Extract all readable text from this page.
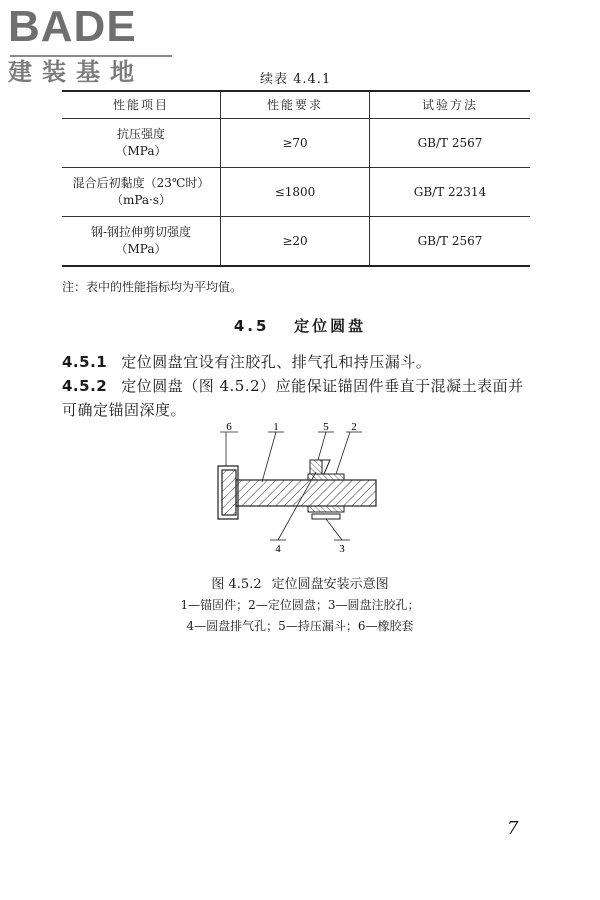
BADE
建装基地	续表 4.4.1
性能项目	性能要求	试验方法

抗压强度
（MPa）	≥70	GB/T 2567

混合后初黏度（23℃时）
（mPa·s）	≤1800	GB/T 22314

钢-钢拉伸剪切强度
（MPa）	≥20	GB/T 2567
注：表中的性能指标均为平均值。
4.5 定位圆盘
4.5.1 定位圆盘宜设有注胶孔、排气孔和持压漏斗。
4.5.2 定位圆盘（图 4.5.2）应能保证锚固件垂直于混凝土表面并可确定锚固深度。
6	1	5 2
4	3
图 4.5.2 定位圆盘安装示意图
1—锚固件；2—定位圆盘；3—圆盘注胶孔；
4—圆盘排气孔；5—持压漏斗；6—橡胶套
7
